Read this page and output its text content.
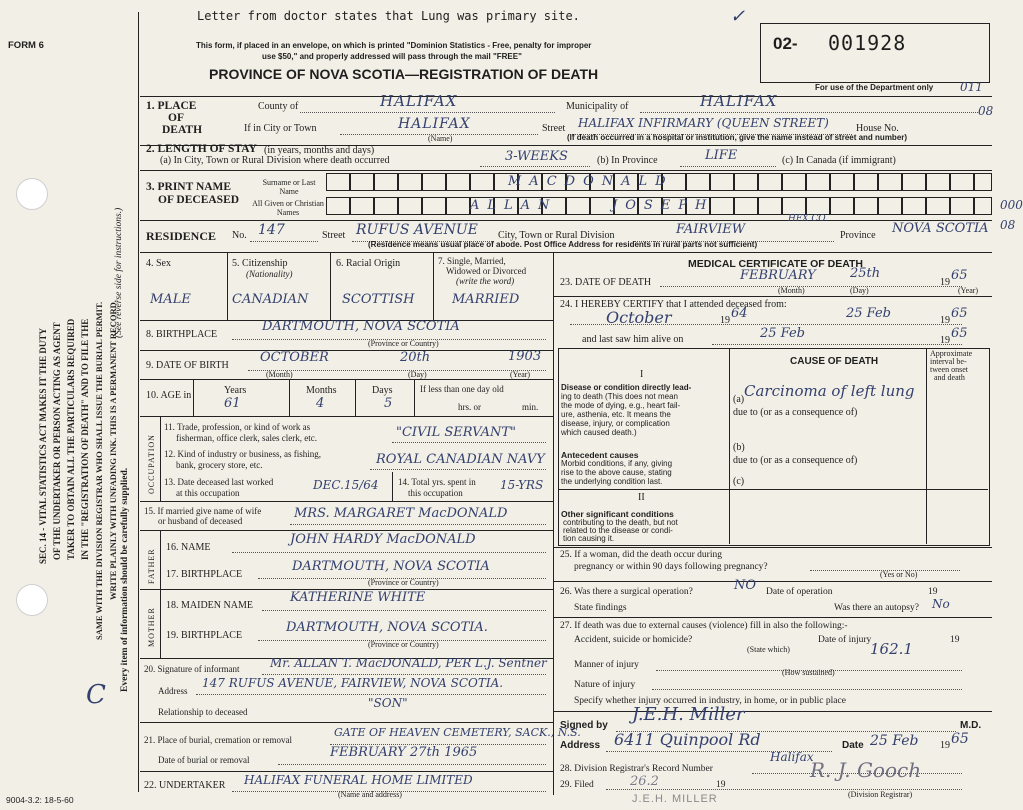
Letter from doctor states that Lung was primary site.	✓
FORM 6	This form, if placed in an envelope, on which is printed "Dominion Statistics - Free, penalty for improper
use $50," and properly addressed will pass through the mail "FREE"
PROVINCE OF NOVA SCOTIA—REGISTRATION OF DEATH
02- 001928
For use of the Department only 011
08
000
08
SEC. 14 - VITAL STATISTICS ACT MAKES IT THE DUTY OF THE UNDERTAKER OR PERSON ACTING AS AGENT TAKER TO OBTAIN ALL THE PARTICULARS REQUIRED IN THE "REGISTRATION OF DEATH" AND TO FILE THE SAME WITH THE DIVISION REGISTRAR WHO SHALL ISSUE THE BURIAL PERMIT. WRITE PLAINLY WITH UNFADING INK. THIS IS A PERMANENT RECORD.
(See reverse side for instructions.)
Every item of information should be carefully supplied.
C
1. PLACE
OF
DEATH
County of	HALIFAX	Municipality of	HALIFAX
If in City or Town	HALIFAX
(Name)
Street HALIFAX INFIRMARY (QUEEN STREET)	House No.
(If death occurred in a hospital or institution, give the name instead of street and number)
2. LENGTH OF STAY (in years, months and days)
(a) In City, Town or Rural Division where death occurred	3-WEEKS	(b) In Province	LIFE	(c) In Canada (if immigrant)
3. PRINT NAME
OF DECEASED
Surname or Last Name
All Given or Christian Names
MACDONALD
ALLAN	JOSEPH
RESIDENCE No. 147	Street RUFUS AVENUE City, Town or Rural Division	FAIRVIEW
HFX CO.
Province NOVA SCOTIA
(Residence means usual place of abode. Post Office Address for residents in rural parts not sufficient)
4. Sex
MALE
5. Citizenship
(Nationality)
CANADIAN
6. Racial Origin
SCOTTISH
7. Single, Married,
Widowed or Divorced
(write the word)
MARRIED
8. BIRTHPLACE
DARTMOUTH, NOVA SCOTIA
(Province or Country)
9. DATE OF BIRTH
OCTOBER	20th	1903
(Month)	(Day)	(Year)
10. AGE in	Years	Months	Days
61	4	5
If less than one day old
hrs. or	min.
OCCUPATION
11. Trade, profession, or kind of work as
fisherman, office clerk, sales clerk, etc.	"CIVIL SERVANT"
12. Kind of industry or business, as fishing,
bank, grocery store, etc.	ROYAL CANADIAN NAVY
13. Date deceased last worked
at this occupation
DEC.15/64 14. Total yrs. spent in
this occupation
15-YRS
15. If married give name of wife
or husband of deceased	MRS. MARGARET MacDONALD
FATHER
16. NAME
JOHN HARDY MacDONALD
17. BIRTHPLACE
DARTMOUTH, NOVA SCOTIA
(Province or Country)
MOTHER
18. MAIDEN NAME
KATHERINE WHITE
19. BIRTHPLACE
DARTMOUTH, NOVA SCOTIA.
(Province or Country)
20. Signature of informant	Mr. ALLAN T. MacDONALD, PER L.J. Sentner
Address
147 RUFUS AVENUE, FAIRVIEW, NOVA SCOTIA.
Relationship to deceased
"SON"
21. Place of burial, cremation or removal
GATE OF HEAVEN CEMETERY, SACK., N.S.
Date of burial or removal	FEBRUARY 27th 1965
22. UNDERTAKER HALIFAX FUNERAL HOME LIMITED
(Name and address)
9004-3.2: 18-5-60
MEDICAL CERTIFICATE OF DEATH
23. DATE OF DEATH	FEBRUARY	25th
19 65
(Month)	(Day)	(Year)
24. I HEREBY CERTIFY that I attended deceased from:
October	19 64	25 Feb	19 65
and last saw him alive on	25 Feb	19 65
CAUSE OF DEATH
Approximate
interval be-
tween onset
and death
I
Disease or condition directly lead-
ing to death (This does not mean
the mode of dying, e.g., heart fail-
ure, asthenia, etc. It means the
disease, injury, or complication
which caused death.)
(a) Carcinoma of left lung
due to (or as a consequence of)
Antecedent causes
Morbid conditions, if any, giving
rise to the above cause, stating
the underlying condition last.
(b)
due to (or as a consequence of)
(c)
II
Other significant conditions
contributing to the death, but not
related to the disease or condi-
tion causing it.
25. If a woman, did the death occur during
pregnancy or within 90 days following pregnancy?
(Yes or No)
26. Was there a surgical operation?	NO Date of operation	19
State findings	Was there an autopsy? No
27. If death was due to external causes (violence) fill in also the following:-
Accident, suicide or homicide?	Date of injury	19
(State which)	162.1
Manner of injury
(How sustained)
Nature of injury
Specify whether injury occurred in industry, in home, or in public place
Signed by
J.E.H. Miller
M.D.
Address 6411 Quinpool Rd	Date 25 Feb 19 65
28. Division Registrar's Record Number
Halifax
29. Filed	26.2	19
R. J. Gooch
(Division Registrar)
J.E.H. MILLER
